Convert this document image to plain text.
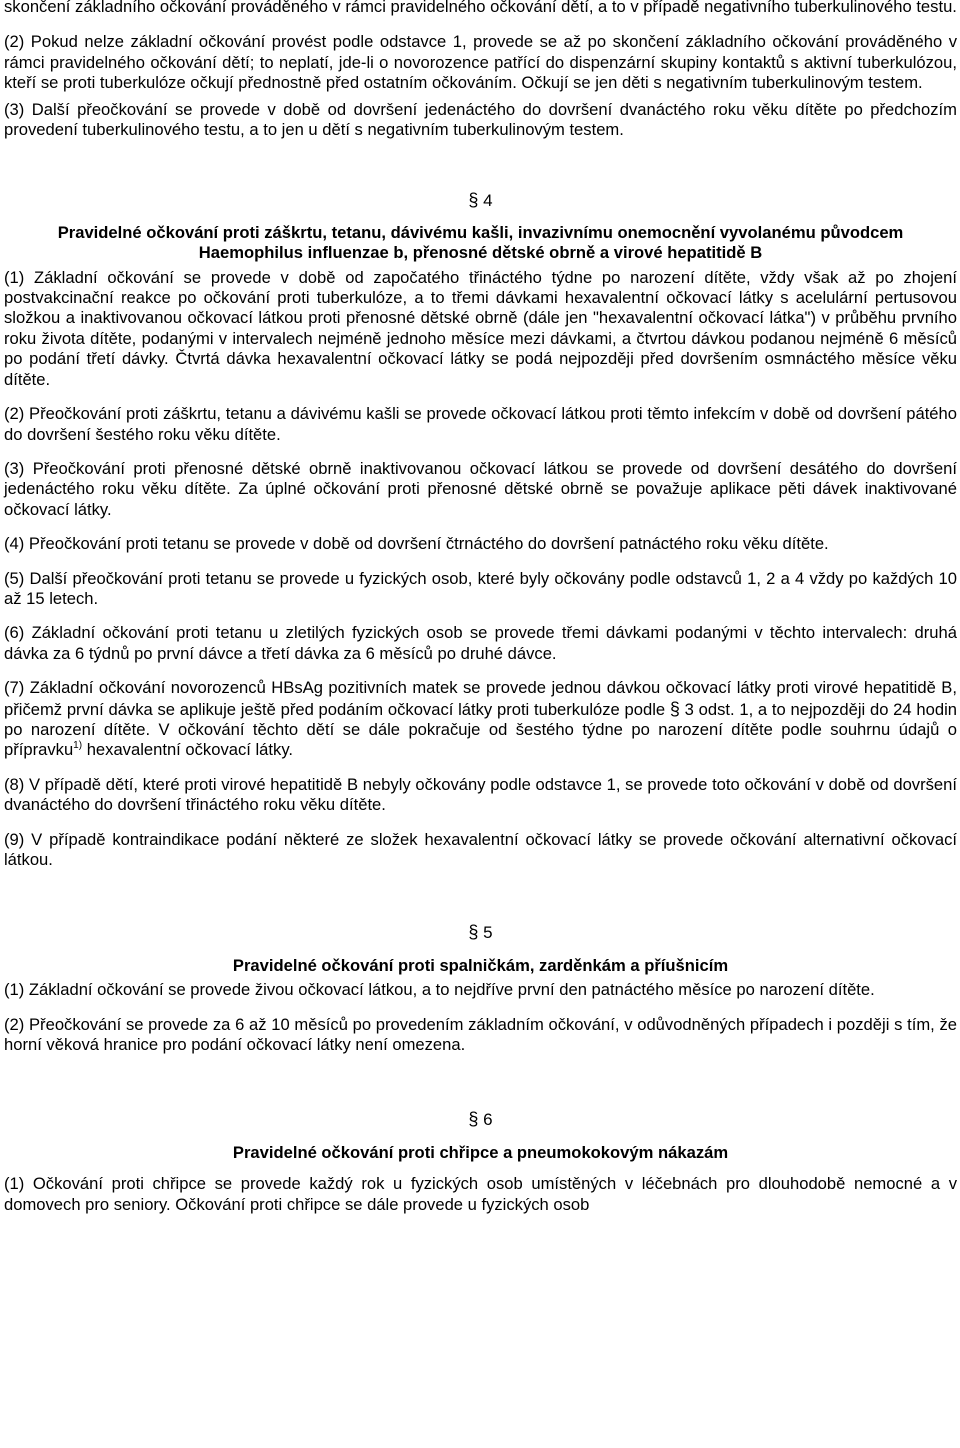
skončení základního očkování prováděného v rámci pravidelného očkování dětí, a to v případě negativního tuberkulinového testu.

(2) Pokud nelze základní očkování provést podle odstavce 1, provede se až po skončení základního očkování prováděného v rámci pravidelného očkování dětí; to neplatí, jde-li o novorozence patřící do dispenzární skupiny kontaktů s aktivní tuberkulózou, kteří se proti tuberkulóze očkují přednostně před ostatním očkováním. Očkují se jen děti s negativním tuberkulinovým testem.

(3) Další přeočkování se provede v době od dovršení jedenáctého do dovršení dvanáctého roku věku dítěte po předchozím provedení tuberkulinového testu, a to jen u dětí s negativním tuberkulinovým testem.

§ 4
Pravidelné očkování proti záškrtu, tetanu, dávivému kašli, invazivnímu onemocnění vyvolanému původcem Haemophilus influenzae b, přenosné dětské obrně a virové hepatitidě B

(1) Základní očkování se provede v době od započatého třináctého týdne po narození dítěte, vždy však až po zhojení postvakcinační reakce po očkování proti tuberkulóze, a to třemi dávkami hexavalentní očkovací látky s acelulární pertusovou složkou a inaktivovanou očkovací látkou proti přenosné dětské obrně (dále jen "hexavalentní očkovací látka") v průběhu prvního roku života dítěte, podanými v intervalech nejméně jednoho měsíce mezi dávkami, a čtvrtou dávkou podanou nejméně 6 měsíců po podání třetí dávky. Čtvrtá dávka hexavalentní očkovací látky se podá nejpozději před dovršením osmnáctého měsíce věku dítěte.

(2) Přeočkování proti záškrtu, tetanu a dávivému kašli se provede očkovací látkou proti těmto infekcím v době od dovršení pátého do dovršení šestého roku věku dítěte.

(3) Přeočkování proti přenosné dětské obrně inaktivovanou očkovací látkou se provede od dovršení desátého do dovršení jedenáctého roku věku dítěte. Za úplné očkování proti přenosné dětské obrně se považuje aplikace pěti dávek inaktivované očkovací látky.

(4) Přeočkování proti tetanu se provede v době od dovršení čtrnáctého do dovršení patnáctého roku věku dítěte.

(5) Další přeočkování proti tetanu se provede u fyzických osob, které byly očkovány podle odstavců 1, 2 a 4 vždy po každých 10 až 15 letech.

(6) Základní očkování proti tetanu u zletilých fyzických osob se provede třemi dávkami podanými v těchto intervalech: druhá dávka za 6 týdnů po první dávce a třetí dávka za 6 měsíců po druhé dávce.

(7) Základní očkování novorozenců HBsAg pozitivních matek se provede jednou dávkou očkovací látky proti virové hepatitidě B, přičemž první dávka se aplikuje ještě před podáním očkovací látky proti tuberkulóze podle § 3 odst. 1, a to nejpozději do 24 hodin po narození dítěte. V očkování těchto dětí se dále pokračuje od šestého týdne po narození dítěte podle souhrnu údajů o přípravku$^{1)}$ hexavalentní očkovací látky.

(8) V případě dětí, které proti virové hepatitidě B nebyly očkovány podle odstavce 1, se provede toto očkování v době od dovršení dvanáctého do dovršení třináctého roku věku dítěte.

(9) V případě kontraindikace podání některé ze složek hexavalentní očkovací látky se provede očkování alternativní očkovací látkou.

§ 5
Pravidelné očkování proti spalničkám, zarděnkám a příušnicím

(1) Základní očkování se provede živou očkovací látkou, a to nejdříve první den patnáctého měsíce po narození dítěte.

(2) Přeočkování se provede za 6 až 10 měsíců po provedením základním očkování, v odůvodněných případech i později s tím, že horní věková hranice pro podání očkovací látky není omezena.

§ 6
Pravidelné očkování proti chřipce a pneumokokovým nákazám

(1) Očkování proti chřipce se provede každý rok u fyzických osob umístěných v léčebnách pro dlouhodobě nemocné a v domovech pro seniory. Očkování proti chřipce se dále provede u fyzických osob
